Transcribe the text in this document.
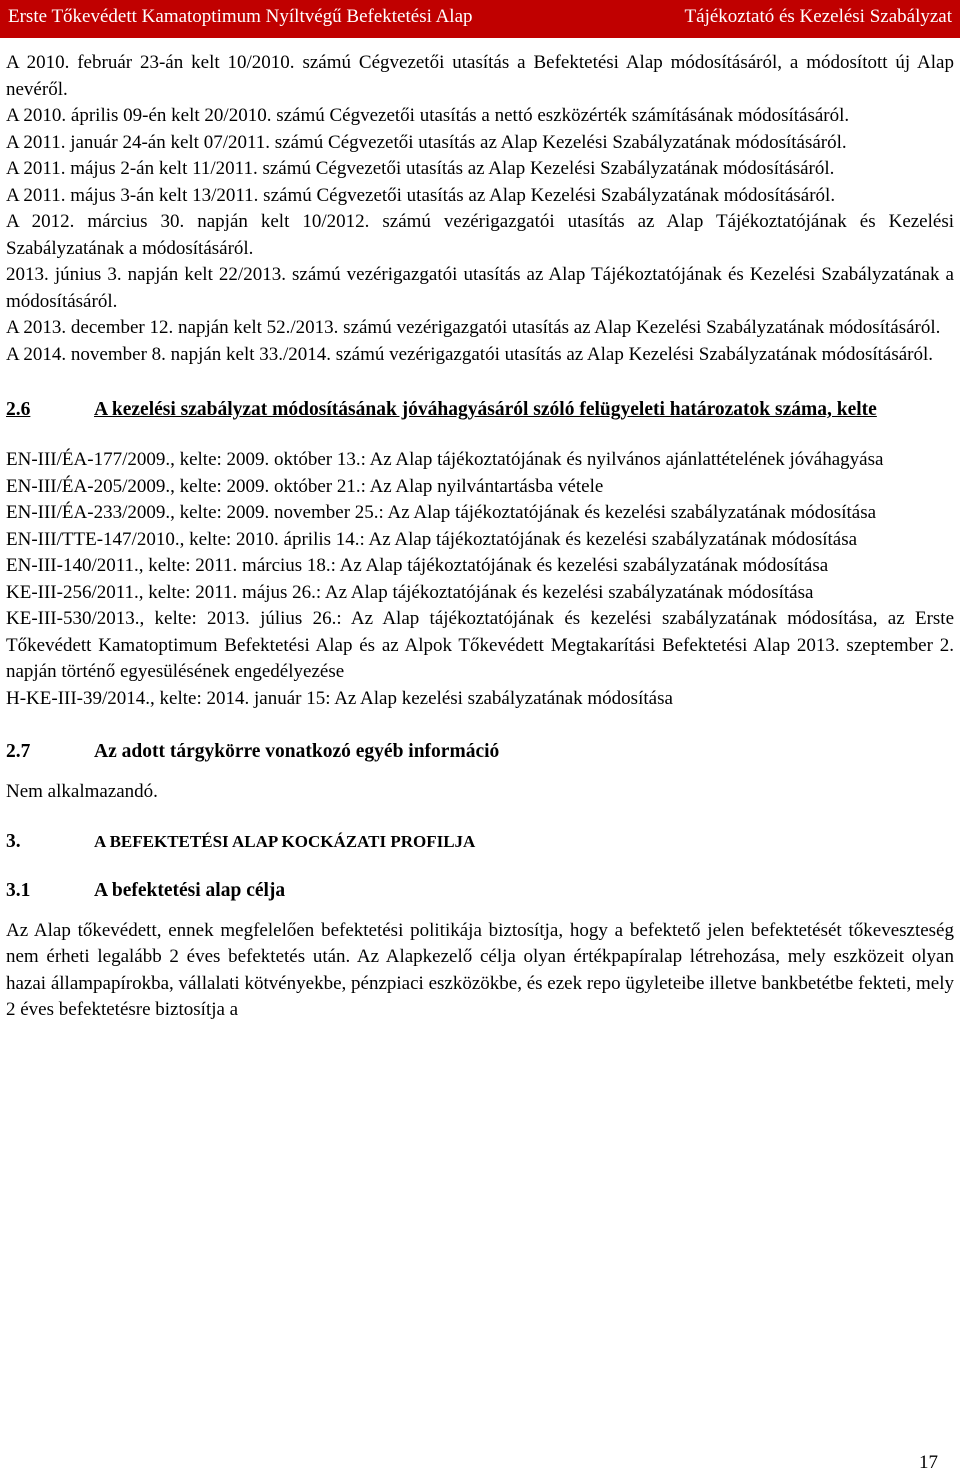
Erste Tőkevédett Kamatoptimum Nyíltvégű Befektetési Alap	Tájékoztató és Kezelési Szabályzat

A 2010. február 23-án kelt 10/2010. számú Cégvezetői utasítás a Befektetési Alap módosításáról, a módosított új Alap nevéről.

A 2010. április 09-én kelt 20/2010. számú Cégvezetői utasítás a nettó eszközérték számításának módosításáról.

A 2011. január 24-án kelt 07/2011. számú Cégvezetői utasítás az Alap Kezelési Szabályzatának módosításáról.

A 2011. május 2-án kelt 11/2011. számú Cégvezetői utasítás az Alap Kezelési Szabályzatának módosításáról.

A 2011. május 3-án kelt 13/2011. számú Cégvezetői utasítás az Alap Kezelési Szabályzatának módosításáról.

A 2012. március 30. napján kelt 10/2012. számú vezérigazgatói utasítás az Alap Tájékoztatójának és Kezelési Szabályzatának a módosításáról.

2013. június 3. napján kelt 22/2013. számú vezérigazgatói utasítás az Alap Tájékoztatójának és Kezelési Szabályzatának a módosításáról.

A 2013. december 12. napján kelt 52./2013. számú vezérigazgatói utasítás az Alap Kezelési Szabályzatának módosításáról.

A 2014. november 8. napján kelt 33./2014. számú vezérigazgatói utasítás az Alap Kezelési Szabályzatának módosításáról.

2.6	A kezelési szabályzat módosításának jóváhagyásáról szóló felügyeleti határozatok száma, kelte

EN-III/ÉA-177/2009., kelte: 2009. október 13.: Az Alap tájékoztatójának és nyilvános ajánlattételének jóváhagyása

EN-III/ÉA-205/2009., kelte: 2009. október 21.: Az Alap nyilvántartásba vétele

EN-III/ÉA-233/2009., kelte: 2009. november 25.: Az Alap tájékoztatójának és kezelési szabályzatának módosítása

EN-III/TTE-147/2010., kelte: 2010. április 14.: Az Alap tájékoztatójának és kezelési szabályzatának módosítása

EN-III-140/2011., kelte: 2011. március 18.: Az Alap tájékoztatójának és kezelési szabályzatának módosítása

KE-III-256/2011., kelte: 2011. május 26.: Az Alap tájékoztatójának és kezelési szabályzatának módosítása

KE-III-530/2013., kelte: 2013. július 26.: Az Alap tájékoztatójának és kezelési szabályzatának módosítása, az Erste Tőkevédett Kamatoptimum Befektetési Alap és az Alpok Tőkevédett Megtakarítási Befektetési Alap 2013. szeptember 2. napján történő egyesülésének engedélyezése

H-KE-III-39/2014., kelte: 2014. január 15: Az Alap kezelési szabályzatának módosítása

2.7	Az adott tárgykörre vonatkozó egyéb információ

Nem alkalmazandó.

3.	A BEFEKTETÉSI ALAP KOCKÁZATI PROFILJA
3.1	A befektetési alap célja

Az Alap tőkevédett, ennek megfelelően befektetési politikája biztosítja, hogy a befektető jelen befektetését tőkeveszteség nem érheti legalább 2 éves befektetés után. Az Alapkezelő célja olyan értékpapíralap létrehozása, mely eszközeit olyan hazai állampapírokba, vállalati kötvényekbe, pénzpiaci eszközökbe, és ezek repo ügyleteibe illetve bankbetétbe fekteti, mely 2 éves befektetésre biztosítja a

17
